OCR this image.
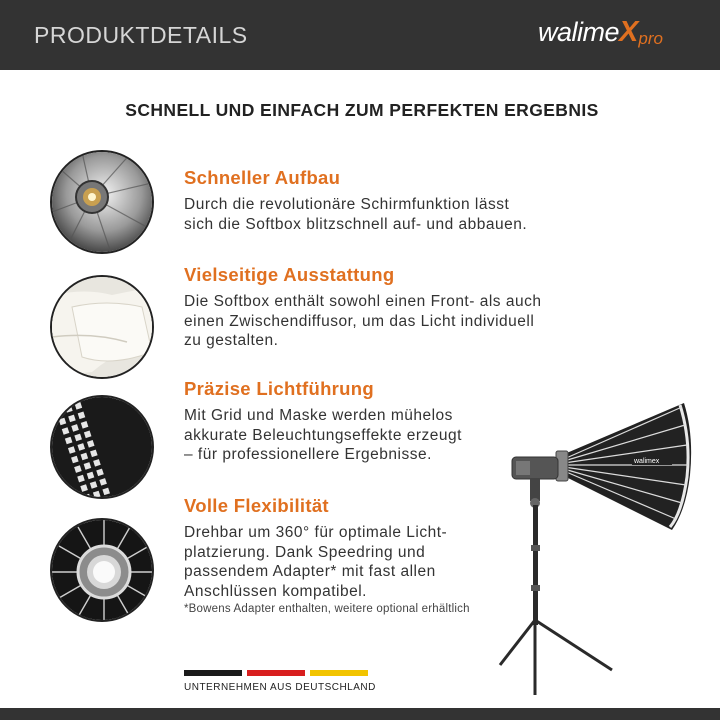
PRODUKTDETAILS	walimeXpro
SCHNELL UND EINFACH ZUM PERFEKTEN ERGEBNIS
Schneller Aufbau
Durch die revolutionäre Schirmfunktion lässt
sich die Softbox blitzschnell auf- und abbauen.
Vielseitige Ausstattung
Die Softbox enthält sowohl einen Front- als auch
einen Zwischendiffusor, um das Licht individuell
zu gestalten.
Präzise Lichtführung
Mit Grid und Maske werden mühelos
akkurate Beleuchtungseffekte erzeugt
– für professionellere Ergebnisse.
Volle Flexibilität
Drehbar um 360° für optimale Licht-
platzierung. Dank Speedring und
passendem Adapter* mit fast allen
Anschlüssen kompatibel.
*Bowens Adapter enthalten, weitere optional erhältlich
walimex
UNTERNEHMEN AUS DEUTSCHLAND
